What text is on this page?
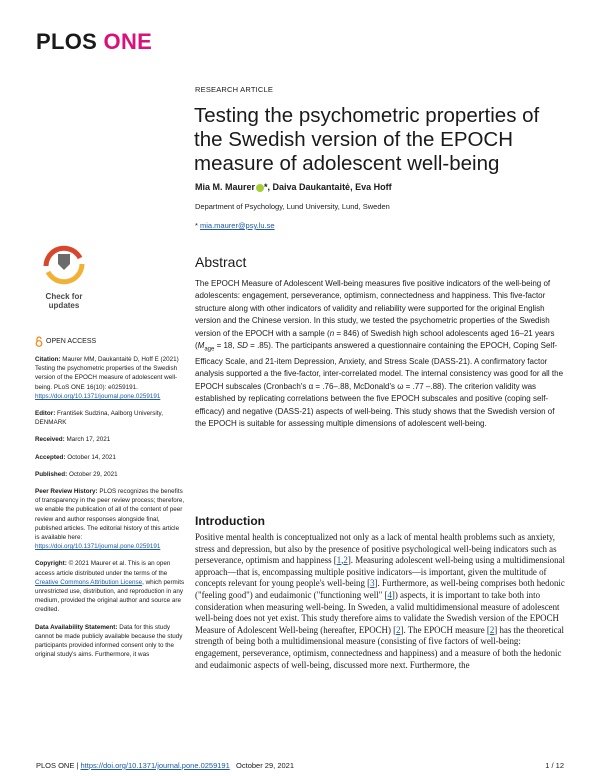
PLOS ONE
RESEARCH ARTICLE
Testing the psychometric properties of the Swedish version of the EPOCH measure of adolescent well-being
Mia M. Maurer *, Daiva Daukantaitė, Eva Hoff
Department of Psychology, Lund University, Lund, Sweden
* mia.maurer@psy.lu.se
Check for
updates
Abstract
The EPOCH Measure of Adolescent Well-being measures five positive indicators of the well-being of adolescents: engagement, perseverance, optimism, connectedness and happiness. This five-factor structure along with other indicators of validity and reliability were supported for the original English version and the Chinese version. In this study, we tested the psychometric properties of the Swedish version of the EPOCH with a sample (n = 846) of Swedish high school adolescents aged 16–21 years ($M_{age} = 18$, SD = .85). The participants answered a questionnaire containing the EPOCH, Coping Self-Efficacy Scale, and 21-item Depression, Anxiety, and Stress Scale (DASS-21). A confirmatory factor analysis supported a the five-factor, inter-correlated model. The internal consistency was good for all the EPOCH subscales (Cronbach's α = .76–.88, McDonald's ω = .77 –.88). The criterion validity was established by replicating correlations between the five EPOCH subscales and positive (coping self-efficacy) and negative (DASS-21) aspects of well-being. This study shows that the Swedish version of the EPOCH is suitable for assessing multiple dimensions of adolescent well-being.
OPEN ACCESS

Citation: Maurer MM, Daukantaitė D, Hoff E (2021) Testing the psychometric properties of the Swedish version of the EPOCH measure of adolescent well-being. PLoS ONE 16(10): e0259191. https://doi.org/10.1371/journal.pone.0259191

Editor: František Sudzina, Aalborg University, DENMARK

Received: March 17, 2021

Accepted: October 14, 2021

Published: October 29, 2021

Peer Review History: PLOS recognizes the benefits of transparency in the peer review process; therefore, we enable the publication of all of the content of peer review and author responses alongside final, published articles. The editorial history of this article is available here: https://doi.org/10.1371/journal.pone.0259191

Copyright: © 2021 Maurer et al. This is an open access article distributed under the terms of the Creative Commons Attribution License, which permits unrestricted use, distribution, and reproduction in any medium, provided the original author and source are credited.

Data Availability Statement: Data for this study cannot be made publicly available because the study participants provided informed consent only to the original study's aims. Furthermore, it was

Introduction
Positive mental health is conceptualized not only as a lack of mental health problems such as anxiety, stress and depression, but also by the presence of positive psychological well-being indicators such as perseverance, optimism and happiness [1,2]. Measuring adolescent well-being using a multidimensional approach—that is, encompassing multiple positive indicators—is important, given the multitude of concepts relevant for young people's well-being [3]. Furthermore, as well-being comprises both hedonic ("feeling good") and eudaimonic ("functioning well" [4]) aspects, it is important to take both into consideration when measuring well-being. In Sweden, a valid multidimensional measure of adolescent well-being does not yet exist. This study therefore aims to validate the Swedish version of the EPOCH Measure of Adolescent Well-being (hereafter, EPOCH) [2]. The EPOCH measure [2] has the theoretical strength of being both a multidimensional measure (consisting of five factors of well-being: engagement, perseverance, optimism, connectedness and happiness) and a measure of both the hedonic and eudaimonic aspects of well-being, discussed more next. Furthermore, the
PLOS ONE | https://doi.org/10.1371/journal.pone.0259191 October 29, 2021	1 / 12
